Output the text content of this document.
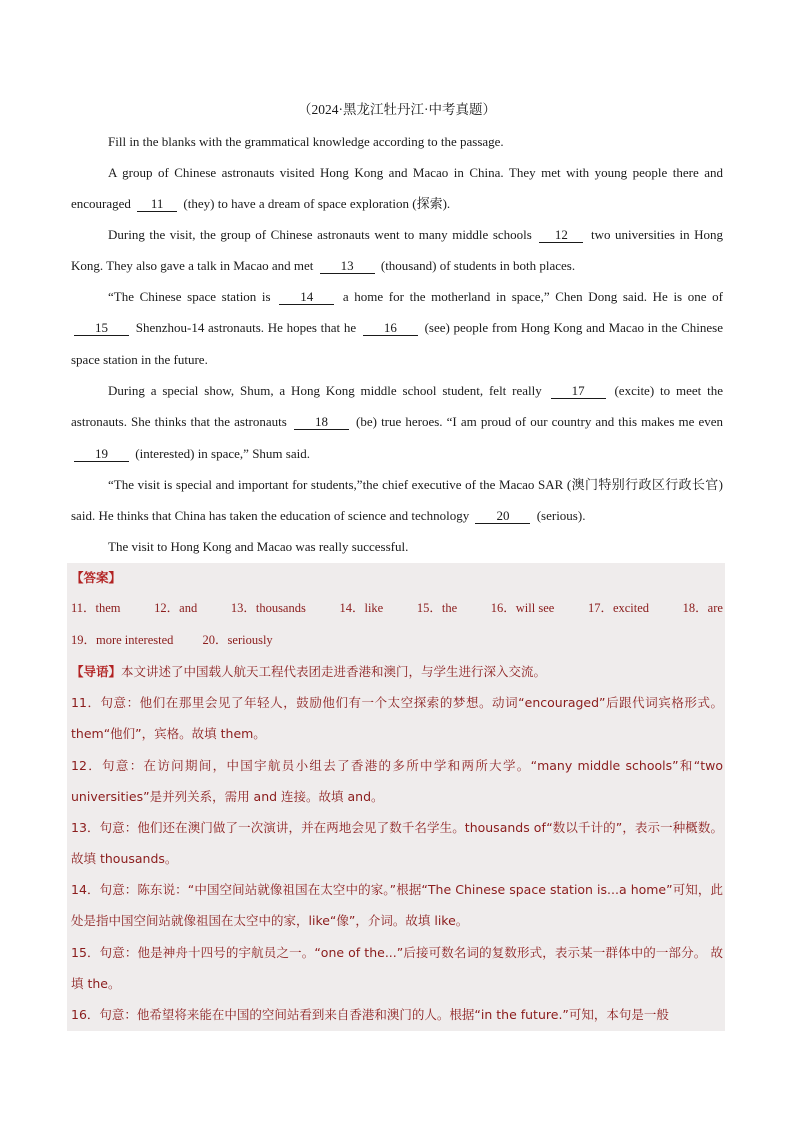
（2024·黑龙江牡丹江·中考真题）
Fill in the blanks with the grammatical knowledge according to the passage.
A group of Chinese astronauts visited Hong Kong and Macao in China. They met with young people there and encouraged 11 (they) to have a dream of space exploration (探索).
During the visit, the group of Chinese astronauts went to many middle schools 12 two universities in Hong Kong. They also gave a talk in Macao and met 13 (thousand) of students in both places.
“The Chinese space station is 14 a home for the motherland in space,” Chen Dong said. He is one of 15 Shenzhou-14 astronauts. He hopes that he 16 (see) people from Hong Kong and Macao in the Chinese space station in the future.
During a special show, Shum, a Hong Kong middle school student, felt really 17 (excite) to meet the astronauts. She thinks that the astronauts 18 (be) true heroes. “I am proud of our country and this makes me even 19 (interested) in space,” Shum said.
“The visit is special and important for students,”the chief executive of the Macao SAR (澳门特别行政区行政长官) said. He thinks that China has taken the education of science and technology 20 (serious).
The visit to Hong Kong and Macao was really successful.
【答案】
11．them	12．and	13．thousands	14．like	15．the	16．will see	17．excited	18．are
19．more interested 20．seriously
【导语】本文讲述了中国载人航天工程代表团走进香港和澳门，与学生进行深入交流。
11．句意：他们在那里会见了年轻人，鼓励他们有一个太空探索的梦想。动词“encouraged”后跟代词宾格形式。them“他们”，宾格。故填 them。
12．句意：在访问期间，中国宇航员小组去了香港的多所中学和两所大学。“many middle schools”和“two universities”是并列关系，需用 and 连接。故填 and。
13．句意：他们还在澳门做了一次演讲，并在两地会见了数千名学生。thousands of“数以千计的”，表示一种概数。故填 thousands。
14．句意：陈东说：“中国空间站就像祖国在太空中的家。”根据“The Chinese space station is...a home”可知，此处是指中国空间站就像祖国在太空中的家，like“像”，介词。故填 like。
15．句意：他是神舟十四号的宇航员之一。“one of the...”后接可数名词的复数形式，表示某一群体中的一部分。 故填 the。
16．句意：他希望将来能在中国的空间站看到来自香港和澳门的人。根据“in the future.”可知，本句是一般
